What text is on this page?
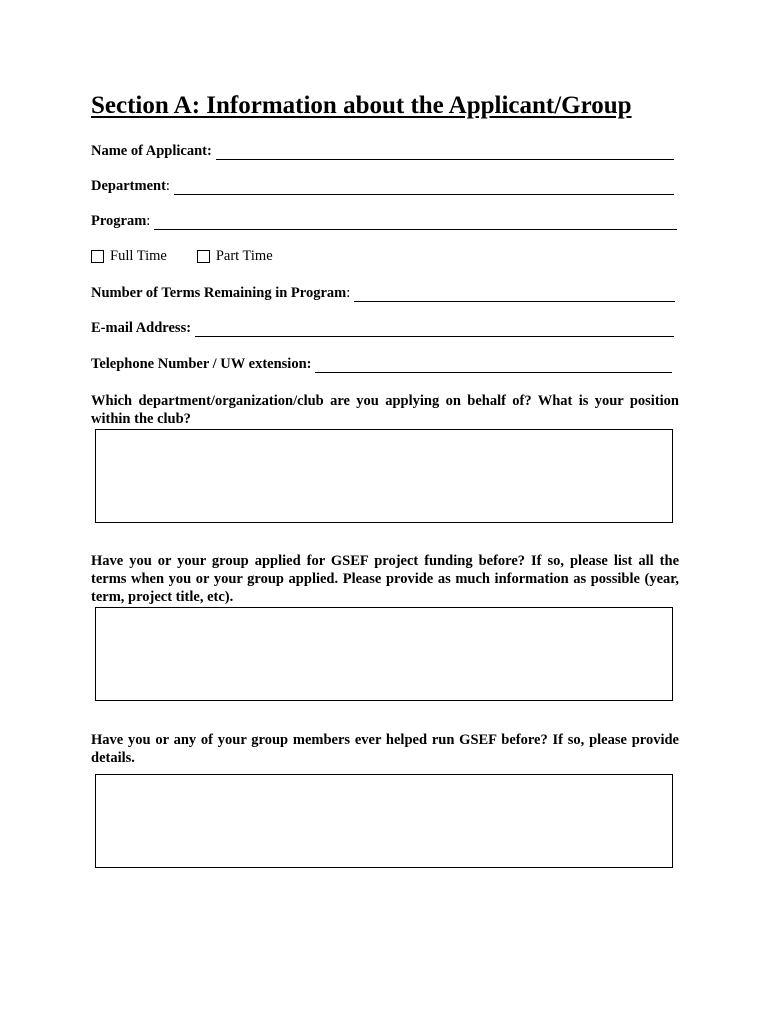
Section A: Information about the Applicant/Group
Name of Applicant:
Department:
Program:
Full Time	Part Time
Number of Terms Remaining in Program:
E-mail Address:
Telephone Number / UW extension:
Which department/organization/club are you applying on behalf of? What is your position within the club?
Have you or your group applied for GSEF project funding before? If so, please list all the terms when you or your group applied. Please provide as much information as possible (year, term, project title, etc).
Have you or any of your group members ever helped run GSEF before? If so, please provide details.
